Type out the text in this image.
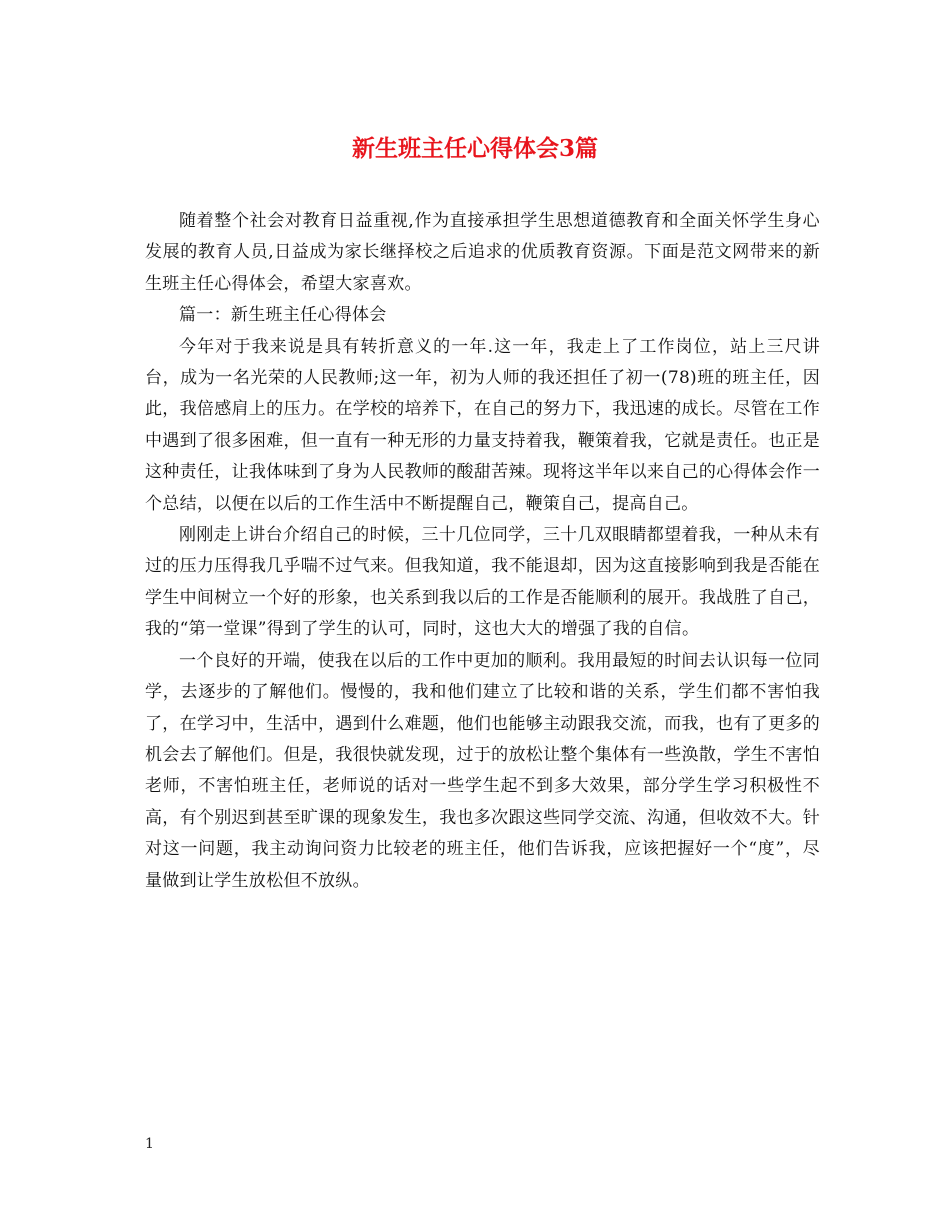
新生班主任心得体会3篇

随着整个社会对教育日益重视,作为直接承担学生思想道德教育和全面关怀学生身心发展的教育人员,日益成为家长继择校之后追求的优质教育资源。下面是范文网带来的新生班主任心得体会，希望大家喜欢。

篇一：新生班主任心得体会

今年对于我来说是具有转折意义的一年.这一年，我走上了工作岗位，站上三尺讲台，成为一名光荣的人民教师;这一年，初为人师的我还担任了初一(78)班的班主任，因此，我倍感肩上的压力。在学校的培养下，在自己的努力下，我迅速的成长。尽管在工作中遇到了很多困难，但一直有一种无形的力量支持着我，鞭策着我，它就是责任。也正是这种责任，让我体味到了身为人民教师的酸甜苦辣。现将这半年以来自己的心得体会作一个总结，以便在以后的工作生活中不断提醒自己，鞭策自己，提高自己。

刚刚走上讲台介绍自己的时候，三十几位同学，三十几双眼睛都望着我，一种从未有过的压力压得我几乎喘不过气来。但我知道，我不能退却，因为这直接影响到我是否能在学生中间树立一个好的形象，也关系到我以后的工作是否能顺利的展开。我战胜了自己，我的“第一堂课”得到了学生的认可，同时，这也大大的增强了我的自信。

一个良好的开端，使我在以后的工作中更加的顺利。我用最短的时间去认识每一位同学，去逐步的了解他们。慢慢的，我和他们建立了比较和谐的关系，学生们都不害怕我了，在学习中，生活中，遇到什么难题，他们也能够主动跟我交流，而我，也有了更多的机会去了解他们。但是，我很快就发现，过于的放松让整个集体有一些涣散，学生不害怕老师，不害怕班主任，老师说的话对一些学生起不到多大效果，部分学生学习积极性不高，有个别迟到甚至旷课的现象发生，我也多次跟这些同学交流、沟通，但收效不大。针对这一问题，我主动询问资力比较老的班主任，他们告诉我，应该把握好一个“度”，尽量做到让学生放松但不放纵。

1
